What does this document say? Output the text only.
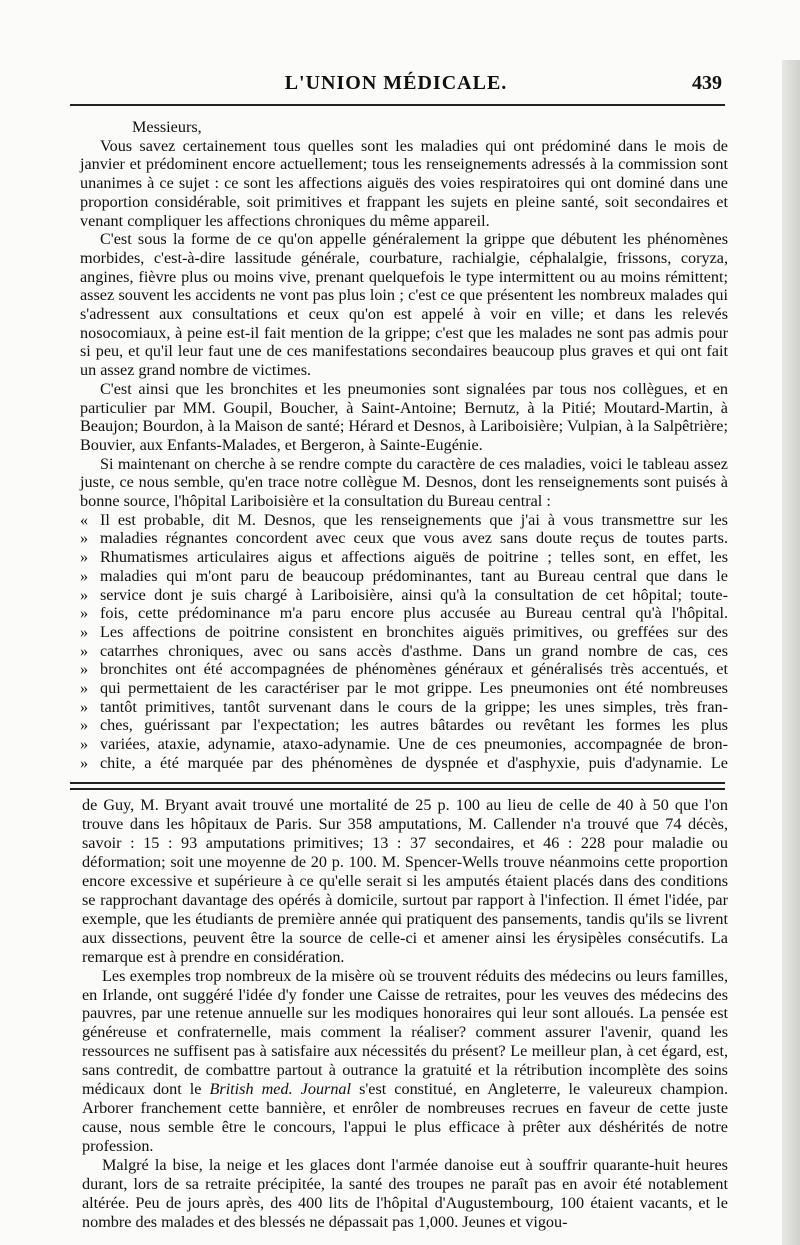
L'UNION MÉDICALE.	439

Messieurs,

Vous savez certainement tous quelles sont les maladies qui ont prédominé dans le mois de janvier et prédominent encore actuellement; tous les renseignements adressés à la commission sont unanimes à ce sujet : ce sont les affections aiguës des voies respiratoires qui ont dominé dans une proportion considérable, soit primitives et frappant les sujets en pleine santé, soit secondaires et venant compliquer les affections chroniques du même appareil.

C'est sous la forme de ce qu'on appelle généralement la grippe que débutent les phénomènes morbides, c'est-à-dire lassitude générale, courbature, rachialgie, céphalalgie, frissons, coryza, angines, fièvre plus ou moins vive, prenant quelquefois le type intermittent ou au moins rémittent; assez souvent les accidents ne vont pas plus loin ; c'est ce que présentent les nombreux malades qui s'adressent aux consultations et ceux qu'on est appelé à voir en ville; et dans les relevés nosocomiaux, à peine est-il fait mention de la grippe; c'est que les malades ne sont pas admis pour si peu, et qu'il leur faut une de ces manifestations secondaires beaucoup plus graves et qui ont fait un assez grand nombre de victimes.

C'est ainsi que les bronchites et les pneumonies sont signalées par tous nos collègues, et en particulier par MM. Goupil, Boucher, à Saint-Antoine; Bernutz, à la Pitié; Moutard-Martin, à Beaujon; Bourdon, à la Maison de santé; Hérard et Desnos, à Lariboisière; Vulpian, à la Salpêtrière; Bouvier, aux Enfants-Malades, et Bergeron, à Sainte-Eugénie.

Si maintenant on cherche à se rendre compte du caractère de ces maladies, voici le tableau assez juste, ce nous semble, qu'en trace notre collègue M. Desnos, dont les renseignements sont puisés à bonne source, l'hôpital Lariboisière et la consultation du Bureau central :

« Il est probable, dit M. Desnos, que les renseignements que j'ai à vous transmettre sur les
» maladies régnantes concordent avec ceux que vous avez sans doute reçus de toutes parts.
» Rhumatismes articulaires aigus et affections aiguës de poitrine ; telles sont, en effet, les
» maladies qui m'ont paru de beaucoup prédominantes, tant au Bureau central que dans le
» service dont je suis chargé à Lariboisière, ainsi qu'à la consultation de cet hôpital; toute-
» fois, cette prédominance m'a paru encore plus accusée au Bureau central qu'à l'hôpital.
» Les affections de poitrine consistent en bronchites aiguës primitives, ou greffées sur des
» catarrhes chroniques, avec ou sans accès d'asthme. Dans un grand nombre de cas, ces
» bronchites ont été accompagnées de phénomènes généraux et généralisés très accentués, et
» qui permettaient de les caractériser par le mot grippe. Les pneumonies ont été nombreuses
» tantôt primitives, tantôt survenant dans le cours de la grippe; les unes simples, très fran-
» ches, guérissant par l'expectation; les autres bâtardes ou revêtant les formes les plus
» variées, ataxie, adynamie, ataxo-adynamie. Une de ces pneumonies, accompagnée de bron-
» chite, a été marquée par des phénomènes de dyspnée et d'asphyxie, puis d'adynamie. Le

de Guy, M. Bryant avait trouvé une mortalité de 25 p. 100 au lieu de celle de 40 à 50 que l'on trouve dans les hôpitaux de Paris. Sur 358 amputations, M. Callender n'a trouvé que 74 décès, savoir : 15 : 93 amputations primitives; 13 : 37 secondaires, et 46 : 228 pour maladie ou déformation; soit une moyenne de 20 p. 100. M. Spencer-Wells trouve néanmoins cette proportion encore excessive et supérieure à ce qu'elle serait si les amputés étaient placés dans des conditions se rapprochant davantage des opérés à domicile, surtout par rapport à l'infection. Il émet l'idée, par exemple, que les étudiants de première année qui pratiquent des pansements, tandis qu'ils se livrent aux dissections, peuvent être la source de celle-ci et amener ainsi les érysipèles consécutifs. La remarque est à prendre en considération.

Les exemples trop nombreux de la misère où se trouvent réduits des médecins ou leurs familles, en Irlande, ont suggéré l'idée d'y fonder une Caisse de retraites, pour les veuves des médecins des pauvres, par une retenue annuelle sur les modiques honoraires qui leur sont alloués. La pensée est généreuse et confraternelle, mais comment la réaliser? comment assurer l'avenir, quand les ressources ne suffisent pas à satisfaire aux nécessités du présent? Le meilleur plan, à cet égard, est, sans contredit, de combattre partout à outrance la gratuité et la rétribution incomplète des soins médicaux dont le British med. Journal s'est constitué, en Angleterre, le valeureux champion. Arborer franchement cette bannière, et enrôler de nombreuses recrues en faveur de cette juste cause, nous semble être le concours, l'appui le plus efficace à prêter aux déshérités de notre profession.

Malgré la bise, la neige et les glaces dont l'armée danoise eut à souffrir quarante-huit heures durant, lors de sa retraite précipitée, la santé des troupes ne paraît pas en avoir été notablement altérée. Peu de jours après, des 400 lits de l'hôpital d'Augustembourg, 100 étaient vacants, et le nombre des malades et des blessés ne dépassait pas 1,000. Jeunes et vigou-
